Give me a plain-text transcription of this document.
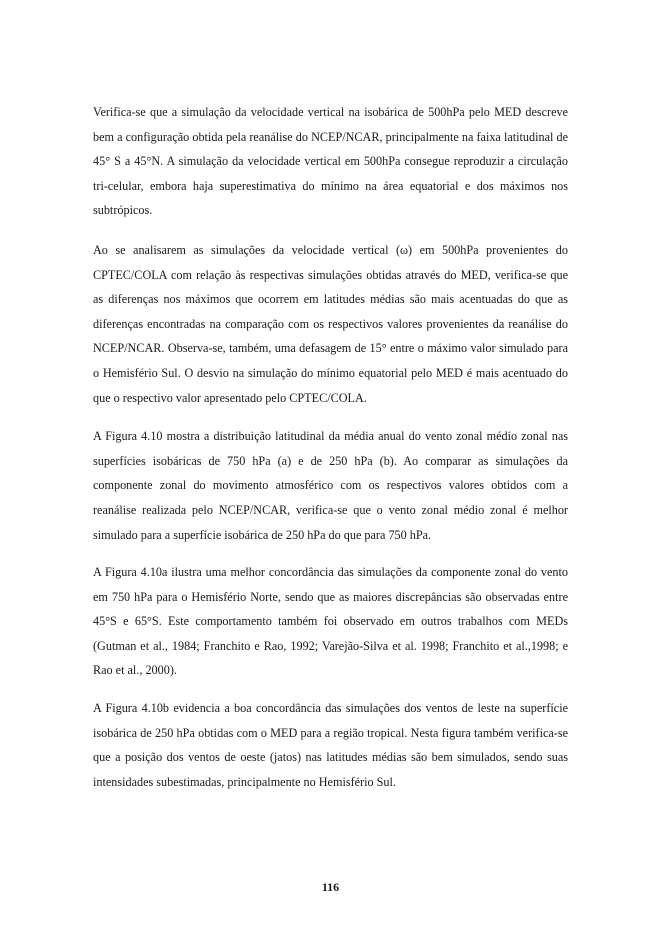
Verifica-se que a simulação da velocidade vertical na isobárica de 500hPa pelo MED descreve bem a configuração obtida pela reanálise do NCEP/NCAR, principalmente na faixa latitudinal de 45° S a 45°N. A simulação da velocidade vertical em 500hPa consegue reproduzir a circulação tri-celular, embora haja superestimativa do mínimo na área equatorial e dos máximos nos subtrópicos.

Ao se analisarem as simulações da velocidade vertical (ω) em 500hPa provenientes do CPTEC/COLA com relação às respectivas simulações obtidas através do MED, verifica-se que as diferenças nos máximos que ocorrem em latitudes médias são mais acentuadas do que as diferenças encontradas na comparação com os respectivos valores provenientes da reanálise do NCEP/NCAR. Observa-se, também, uma defasagem de 15° entre o máximo valor simulado para o Hemisfério Sul. O desvio na simulação do mínimo equatorial pelo MED é mais acentuado do que o respectivo valor apresentado pelo CPTEC/COLA.

A Figura 4.10 mostra a distribuição latitudinal da média anual do vento zonal médio zonal nas superfícies isobáricas de 750 hPa (a) e de 250 hPa (b). Ao comparar as simulações da componente zonal do movimento atmosférico com os respectivos valores obtidos com a reanálise realizada pelo NCEP/NCAR, verifica-se que o vento zonal médio zonal é melhor simulado para a superfície isobárica de 250 hPa do que para 750 hPa.

A Figura 4.10a ilustra uma melhor concordância das simulações da componente zonal do vento em 750 hPa para o Hemisfério Norte, sendo que as maiores discrepâncias são observadas entre 45°S e 65°S. Este comportamento também foi observado em outros trabalhos com MEDs (Gutman et al., 1984; Franchito e Rao, 1992; Varejão-Silva et al. 1998; Franchito et al.,1998; e Rao et al., 2000).

A Figura 4.10b evidencia a boa concordância das simulações dos ventos de leste na superfície isobárica de 250 hPa obtidas com o MED para a região tropical. Nesta figura também verifica-se que a posição dos ventos de oeste (jatos) nas latitudes médias são bem simulados, sendo suas intensidades subestimadas, principalmente no Hemisfério Sul.

116
